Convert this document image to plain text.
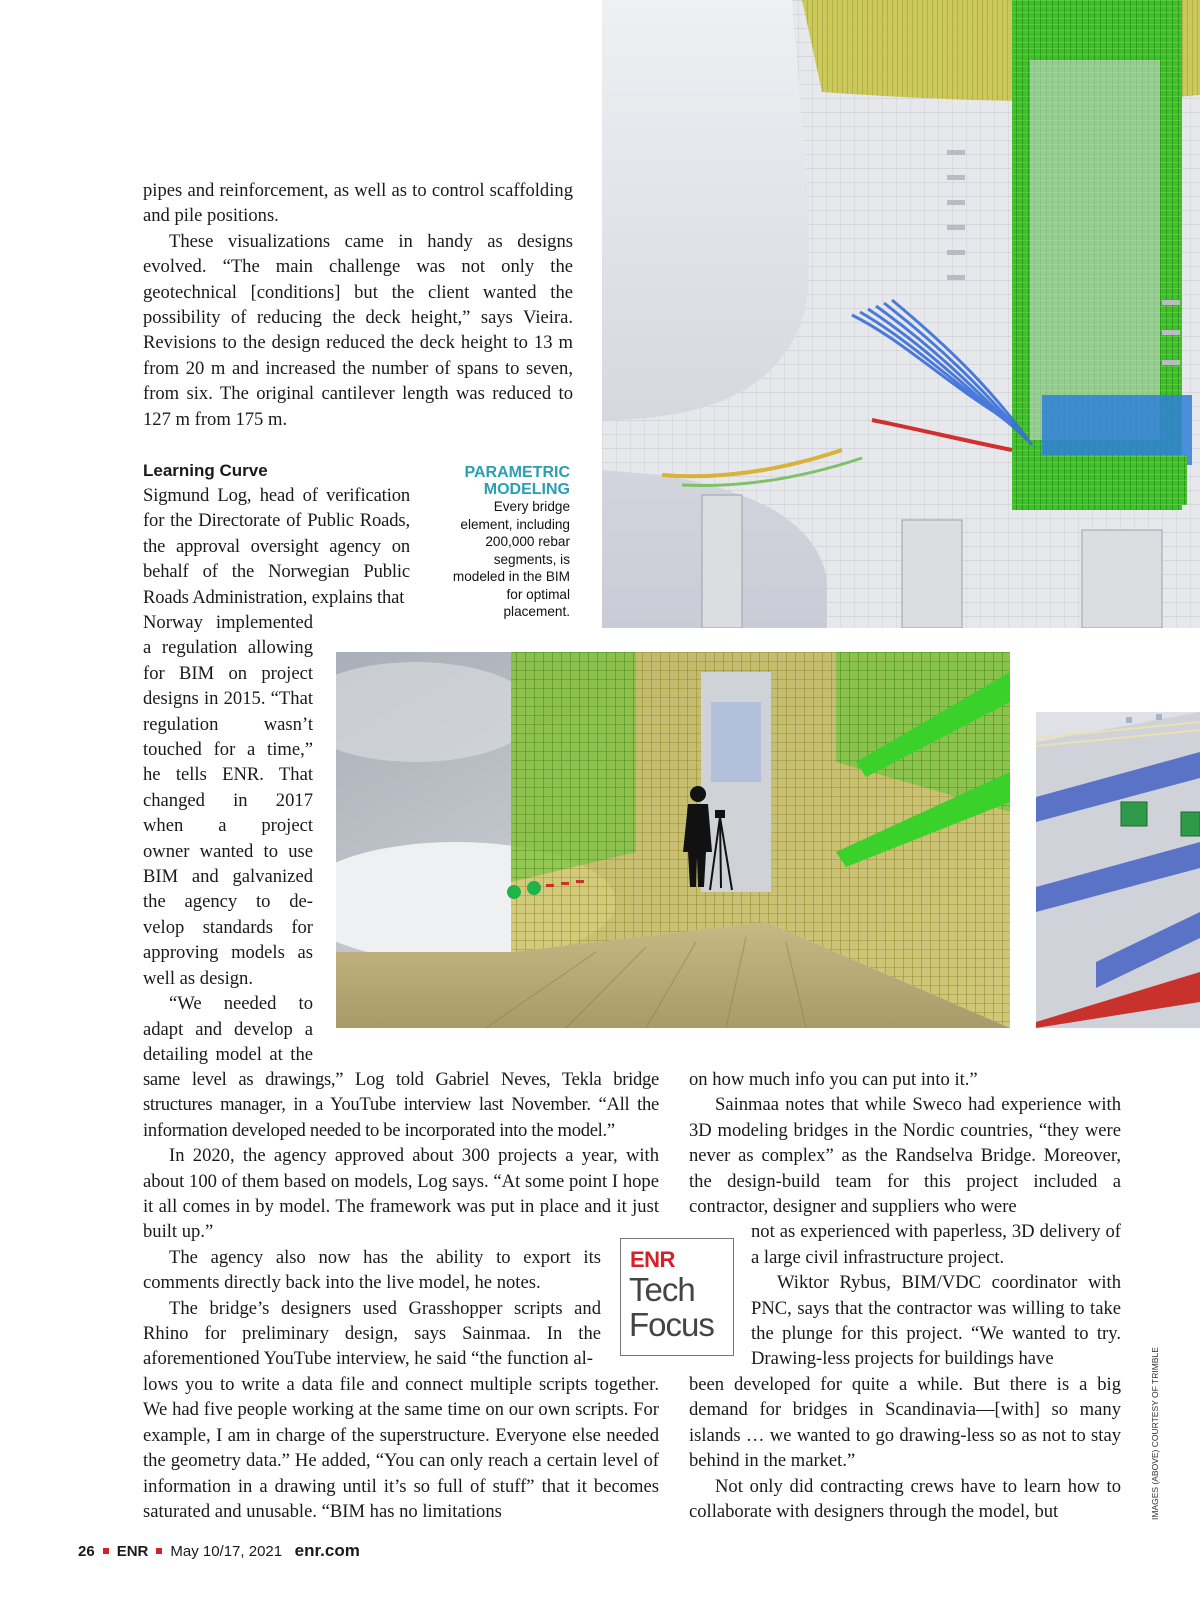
pipes and reinforcement, as well as to control scaffolding and pile positions.

These visualizations came in handy as designs evolved. “The main challenge was not only the geotechnical [conditions] but the client wanted the possibility of reducing the deck height,” says Vieira. Revisions to the design reduced the deck height to 13 m from 20 m and increased the number of spans to seven, from six. The original cantilever length was reduced to 127 m from 175 m.

Learning Curve

Sigmund Log, head of verification for the Directorate of Public Roads, the approval oversight agency on behalf of the Norwegian Public Roads Administration, explains that

Norway implemented
a regulation allowing
for BIM on project
designs in 2015. “That
regulation wasn’t
touched for a time,”
he tells ENR. That
changed in 2017
when a project
owner wanted to use
BIM and galvanized
the agency to de-
velop standards for
approving models as
well as design.
“We needed to
adapt and develop a
detailing model at the
PARAMETRIC
MODELING
Every bridge element, including 200,000 rebar segments, is modeled in the BIM for optimal placement.

same level as drawings,” Log told Gabriel Neves, Tekla bridge structures manager, in a YouTube interview last November. “All the information developed needed to be incorporated into the model.”

In 2020, the agency approved about 300 projects a year, with about 100 of them based on models, Log says. “At some point I hope it all comes in by model. The framework was put in place and it just built up.”

The agency also now has the ability to export its comments directly back into the live model, he notes.

The bridge’s designers used Grasshopper scripts and Rhino for preliminary design, says Sainmaa. In the aforementioned YouTube interview, he said “the function al-

lows you to write a data file and connect multiple scripts together. We had five people working at the same time on our own scripts. For example, I am in charge of the superstructure. Everyone else needed the geometry data.” He added, “You can only reach a certain level of information in a drawing until it’s so full of stuff” that it becomes saturated and unusable. “BIM has no limitations

on how much info you can put into it.”

Sainmaa notes that while Sweco had experience with 3D modeling bridges in the Nordic countries, “they were never as complex” as the Randselva Bridge. Moreover, the design-build team for this project included a contractor, designer and suppliers who were

not as experienced with paperless, 3D delivery of a large civil infrastructure project.

Wiktor Rybus, BIM/VDC coordinator with PNC, says that the contractor was willing to take the plunge for this project. “We wanted to try. Drawing-less projects for buildings have

been developed for quite a while. But there is a big demand for bridges in Scandinavia—[with] so many islands … we wanted to go drawing-less so as not to stay behind in the market.”

Not only did contracting crews have to learn how to collaborate with designers through the model, but

ENR
Tech
Focus
IMAGES (ABOVE) COURTESY OF TRIMBLE
26 ENR May 10/17, 2021 enr.com
